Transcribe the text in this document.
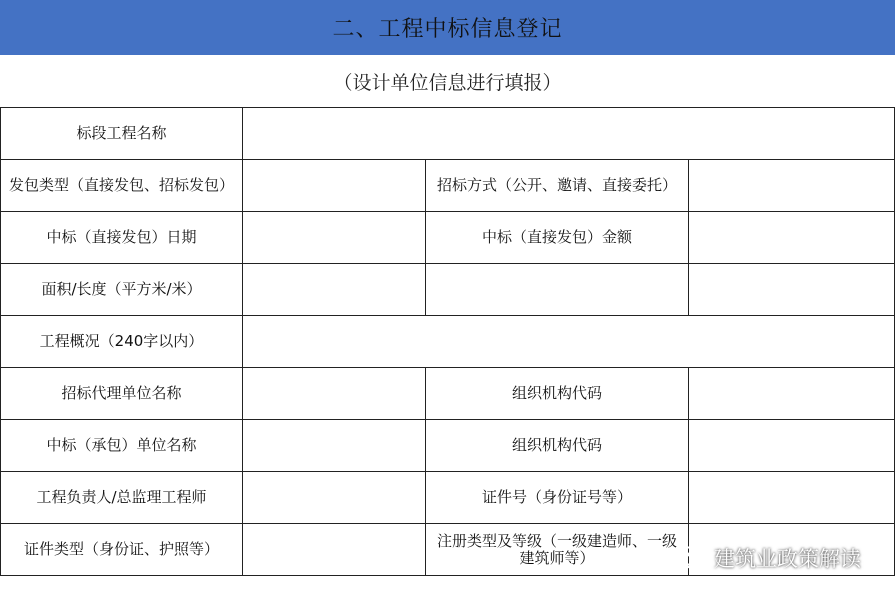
二、工程中标信息登记
（设计单位信息进行填报）
标段工程名称			
发包类型（直接发包、招标发包）		招标方式（公开、邀请、直接委托）	
中标（直接发包）日期		中标（直接发包）金额	
面积/长度（平方米/米）			
工程概况（240字以内）			
招标代理单位名称		组织机构代码	
中标（承包）单位名称		组织机构代码	
工程负责人/总监理工程师		证件号（身份证号等）	
证件类型（身份证、护照等）		注册类型及等级（一级建造师、一级建筑师等）		建筑业政策解读
